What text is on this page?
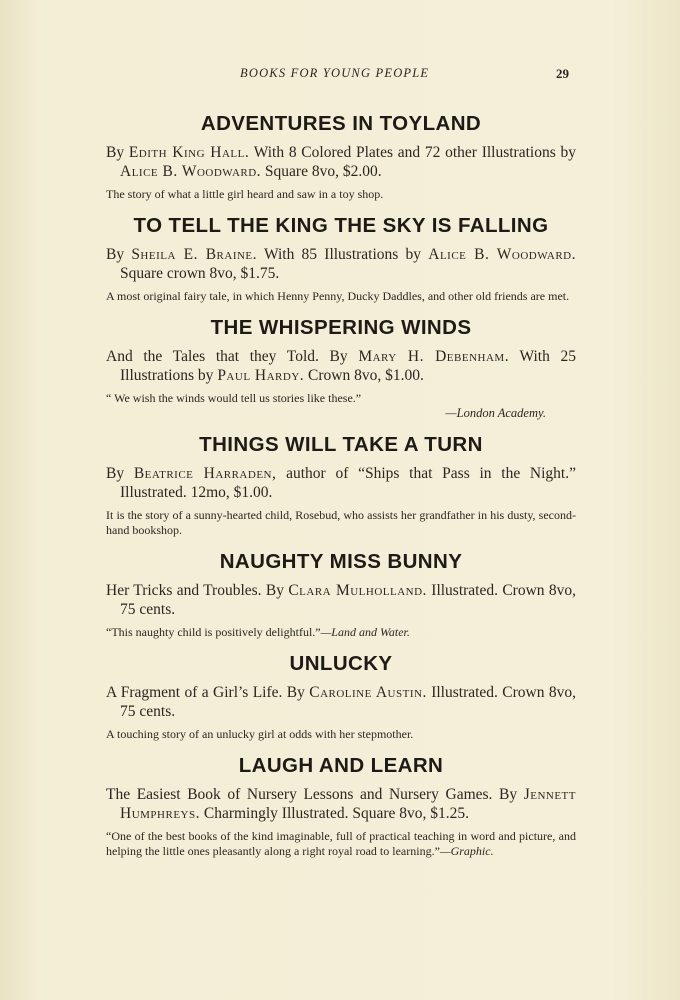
BOOKS FOR YOUNG PEOPLE	29
ADVENTURES IN TOYLAND

By Edith King Hall. With 8 Colored Plates and 72 other Illustrations by Alice B. Woodward. Square 8vo, $2.00.

The story of what a little girl heard and saw in a toy shop.

TO TELL THE KING THE SKY IS FALLING

By Sheila E. Braine. With 85 Illustrations by Alice B. Woodward. Square crown 8vo, $1.75.

A most original fairy tale, in which Henny Penny, Ducky Daddles, and other old friends are met.

THE WHISPERING WINDS

And the Tales that they Told. By Mary H. Debenham. With 25 Illustrations by Paul Hardy. Crown 8vo, $1.00.

“ We wish the winds would tell us stories like these.”

—London Academy.

THINGS WILL TAKE A TURN

By Beatrice Harraden, author of “Ships that Pass in the Night.” Illustrated. 12mo, $1.00.

It is the story of a sunny-hearted child, Rosebud, who assists her grandfather in his dusty, second-hand bookshop.

NAUGHTY MISS BUNNY

Her Tricks and Troubles. By Clara Mulholland. Illustrated. Crown 8vo, 75 cents.

“This naughty child is positively delightful.”—Land and Water.

UNLUCKY

A Fragment of a Girl’s Life. By Caroline Austin. Illustrated. Crown 8vo, 75 cents.

A touching story of an unlucky girl at odds with her stepmother.

LAUGH AND LEARN

The Easiest Book of Nursery Lessons and Nursery Games. By Jennett Humphreys. Charmingly Illustrated. Square 8vo, $1.25.

“One of the best books of the kind imaginable, full of practical teaching in word and picture, and helping the little ones pleasantly along a right royal road to learning.”—Graphic.
